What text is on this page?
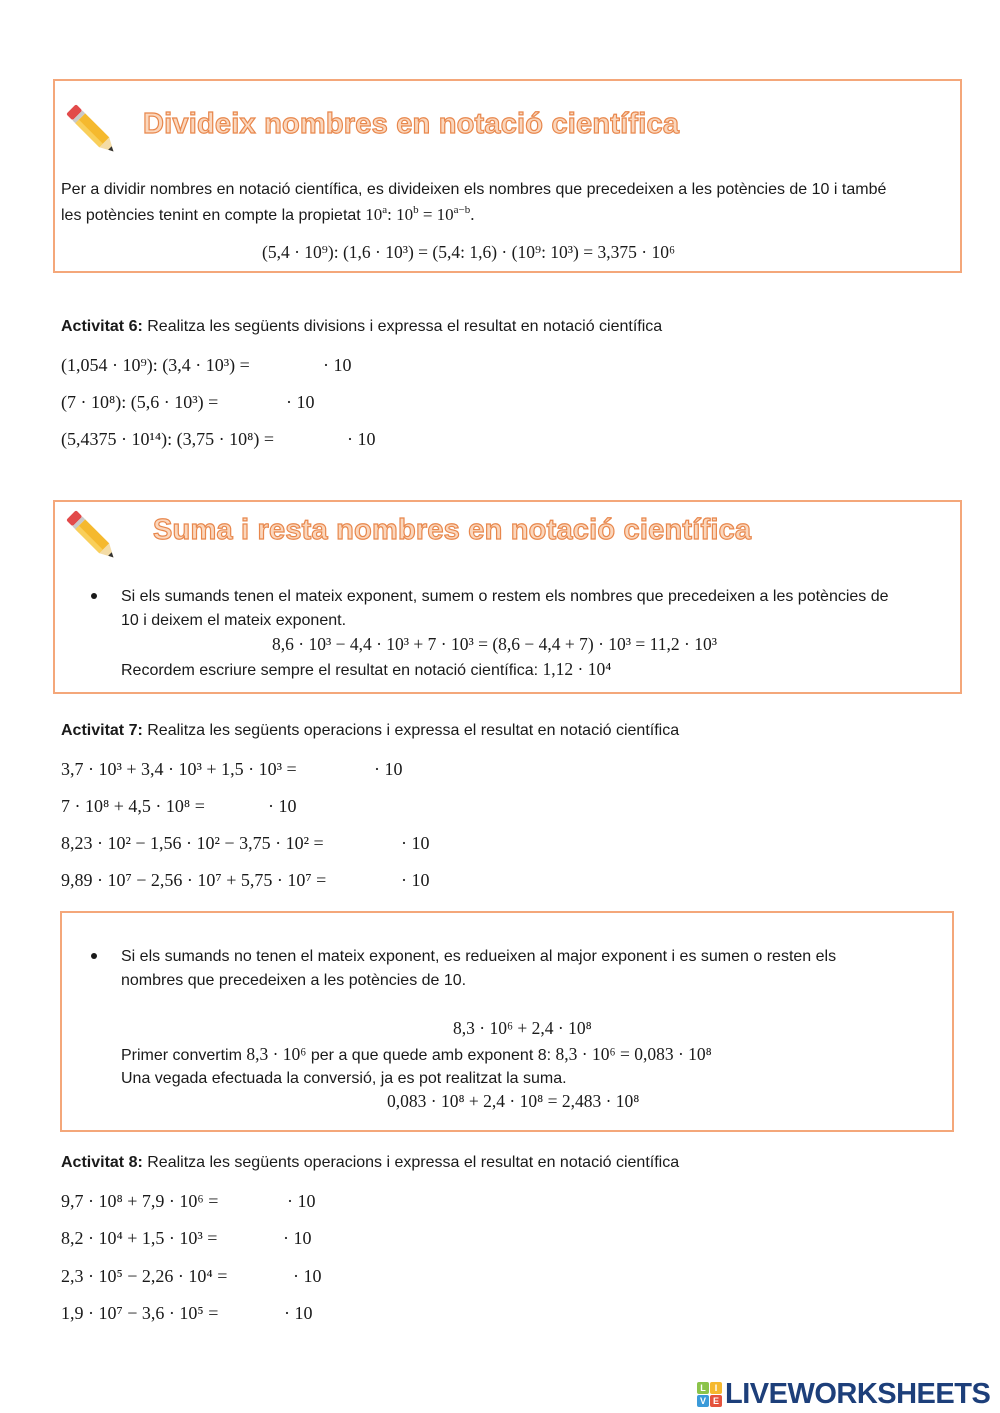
Divideix nombres en notació científica
Per a dividir nombres en notació científica, es divideixen els nombres que precedeixen a les potències de 10 i també
les potències tenint en compte la propietat 10$^a$: $10^b = 10^{a-b}$.
(5,4 · 10⁹): (1,6 · 10³) = (5,4: 1,6) · (10⁹: 10³) = 3,375 · 10⁶
Activitat 6: Realitza les següents divisions i expressa el resultat en notació científica
(1,054 · 10⁹): (3,4 · 10³) =	· 10
(7 · 10⁸): (5,6 · 10³) =	· 10
(5,4375 · 10¹⁴): (3,75 · 10⁸) =	· 10
Suma i resta nombres en notació científica
Si els sumands tenen el mateix exponent, sumem o restem els nombres que precedeixen a les potències de
10 i deixem el mateix exponent.
8,6 · 10³ − 4,4 · 10³ + 7 · 10³ = (8,6 − 4,4 + 7) · 10³ = 11,2 · 10³
Recordem escriure sempre el resultat en notació científica: 1,12 · 10⁴
Activitat 7: Realitza les següents operacions i expressa el resultat en notació científica
3,7 · 10³ + 3,4 · 10³ + 1,5 · 10³ =	· 10
7 · 10⁸ + 4,5 · 10⁸ =	· 10
8,23 · 10² − 1,56 · 10² − 3,75 · 10² =	· 10
9,89 · 10⁷ − 2,56 · 10⁷ + 5,75 · 10⁷ =	· 10
Si els sumands no tenen el mateix exponent, es redueixen al major exponent i es sumen o resten els
nombres que precedeixen a les potències de 10.
8,3 · 10⁶ + 2,4 · 10⁸
Primer convertim 8,3 · 10⁶ per a que quede amb exponent 8: 8,3 · 10⁶ = 0,083 · 10⁸
Una vegada efectuada la conversió, ja es pot realitzat la suma.
0,083 · 10⁸ + 2,4 · 10⁸ = 2,483 · 10⁸
Activitat 8: Realitza les següents operacions i expressa el resultat en notació científica
9,7 · 10⁸ + 7,9 · 10⁶ =	· 10
8,2 · 10⁴ + 1,5 · 10³ =	· 10
2,3 · 10⁵ − 2,26 · 10⁴ =	· 10
1,9 · 10⁷ − 3,6 · 10⁵ =	· 10
L I
V E LIVEWORKSHEETS
